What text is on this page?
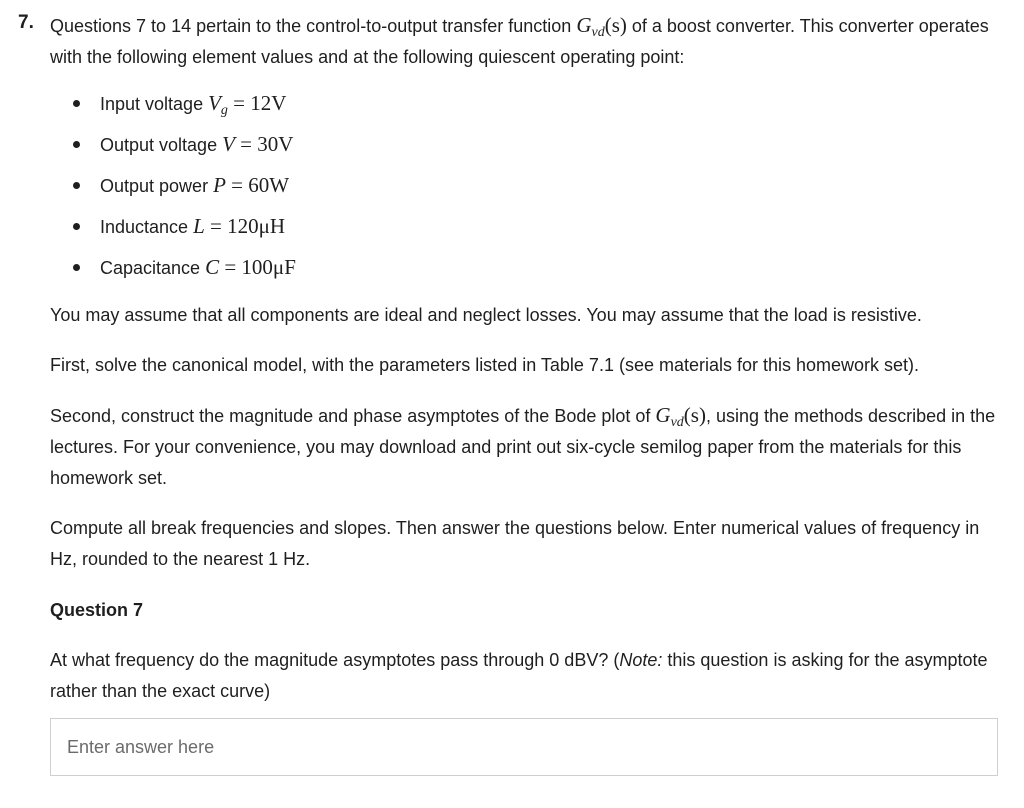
7. Questions 7 to 14 pertain to the control-to-output transfer function $G_{vd}(s)$ of a boost converter. This converter operates with the following element values and at the following quiescent operating point:

Input voltage $V_g = 12V$
Output voltage V = 30V
Output power P = 60W
Inductance L = 120μH
Capacitance C = 100μF

You may assume that all components are ideal and neglect losses. You may assume that the load is resistive.

First, solve the canonical model, with the parameters listed in Table 7.1 (see materials for this homework set).

Second, construct the magnitude and phase asymptotes of the Bode plot of $G_{vd}(s)$, using the methods described in the lectures. For your convenience, you may download and print out six-cycle semilog paper from the materials for this homework set.

Compute all break frequencies and slopes. Then answer the questions below. Enter numerical values of frequency in Hz, rounded to the nearest 1 Hz.

Question 7

At what frequency do the magnitude asymptotes pass through 0 dBV? (Note: this question is asking for the asymptote rather than the exact curve)

Enter answer here
